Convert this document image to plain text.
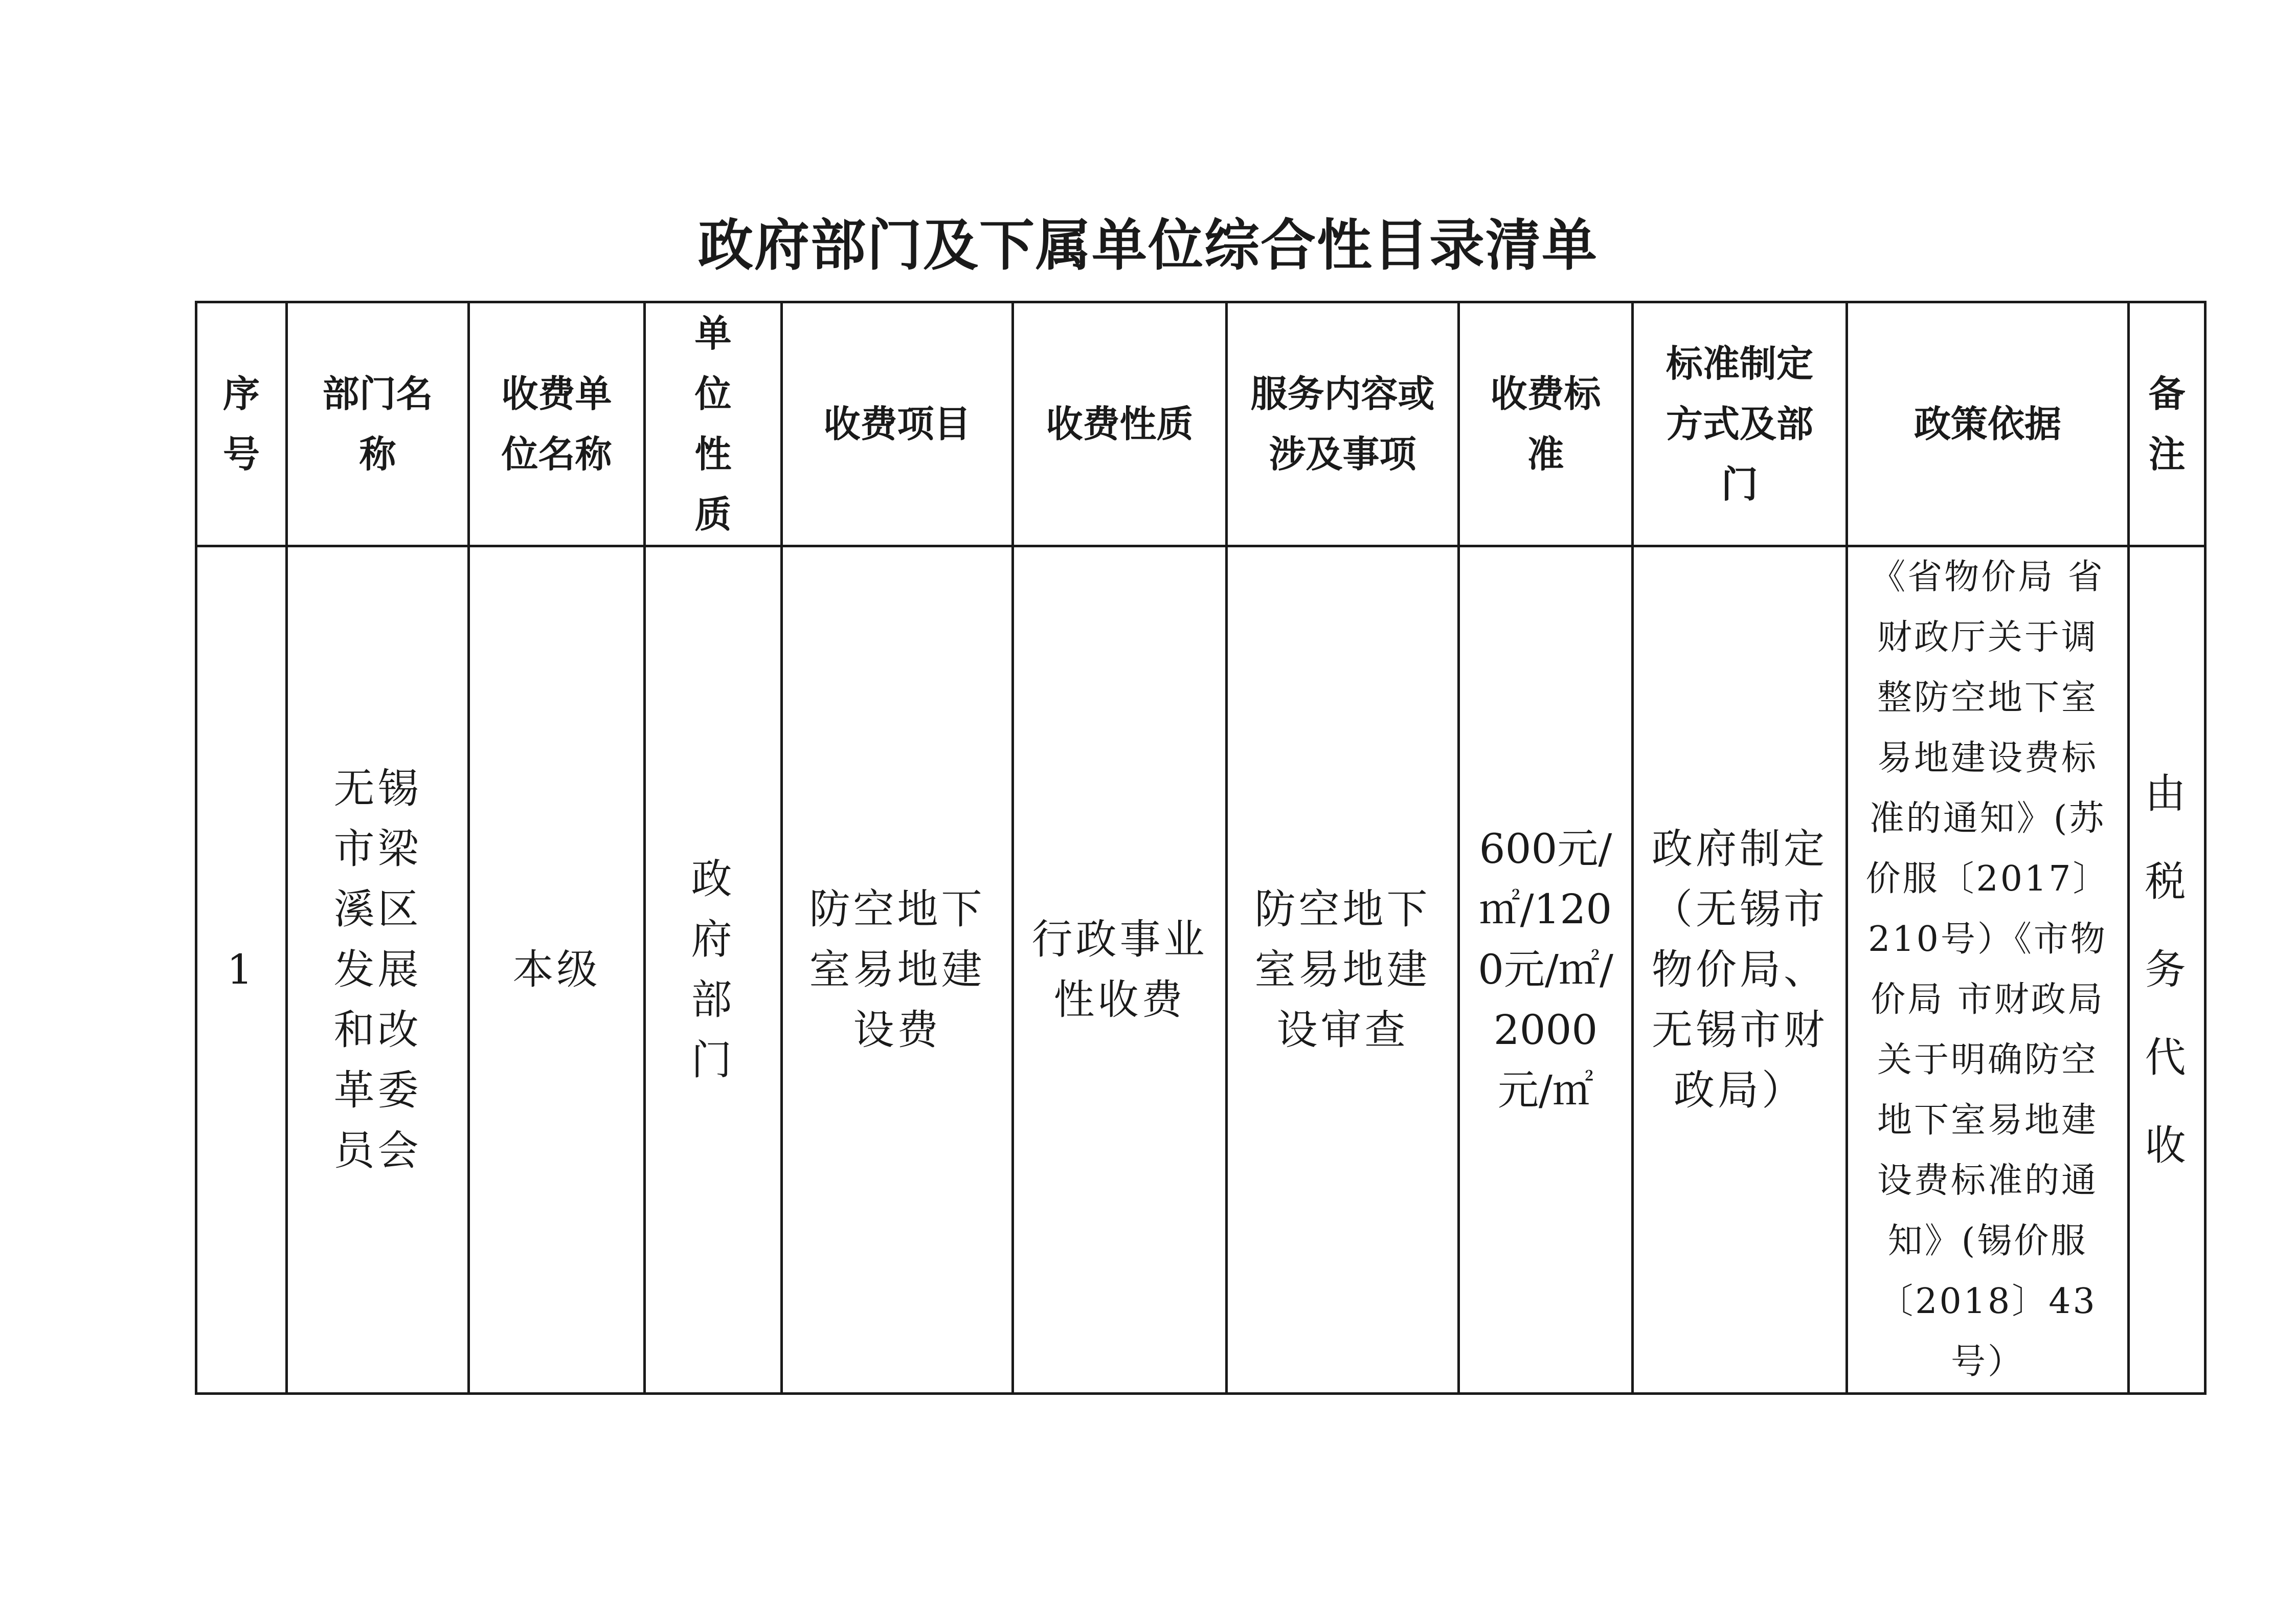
政府部门及下属单位综合性目录清单
序号	部门名称	收费单位名称	单位性质	收费项目	收费性质	服务内容或涉及事项	收费标准	标准制定方式及部门	政策依据	备注
1	无锡市梁溪区发展和改革委员会	本级	政府部门	防空地下室易地建设费	行政事业性收费	防空地下室易地建设审查	600元/㎡/1200元/㎡/2000元/㎡	政府制定（无锡市物价局、无锡市财政局）	《省物价局 省财政厅关于调整防空地下室易地建设费标准的通知》(苏价服〔2017〕210号）《市物价局 市财政局关于明确防空地下室易地建设费标准的通知》(锡价服〔2018〕43号）	由税务代收
